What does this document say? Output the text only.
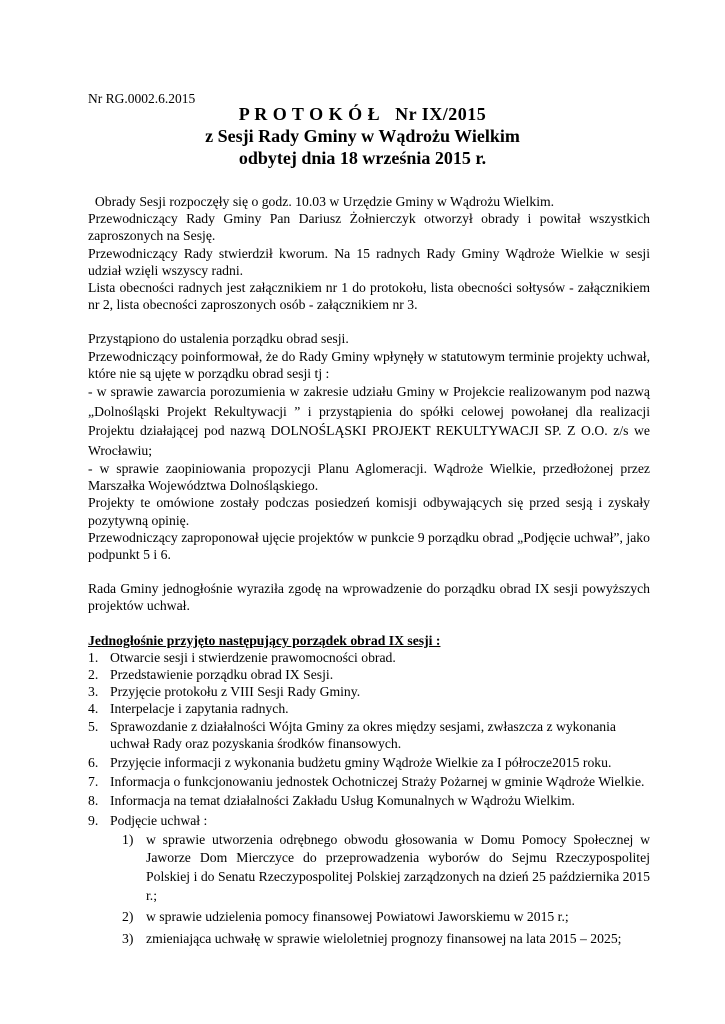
Nr RG.0002.6.2015
P R O T O K Ó Ł   Nr IX/2015
z Sesji Rady Gminy w Wądrożu Wielkim
odbytej dnia 18 września 2015 r.

Obrady Sesji rozpoczęły się o godz. 10.03 w Urzędzie Gminy w Wądrożu Wielkim.

Przewodniczący Rady Gminy Pan Dariusz Żołnierczyk otworzył obrady i powitał wszystkich zaproszonych na Sesję.

Przewodniczący Rady stwierdził kworum. Na 15 radnych Rady Gminy Wądroże Wielkie w sesji udział wzięli wszyscy radni.

Lista obecności radnych jest załącznikiem nr 1 do protokołu, lista obecności sołtysów - załącznikiem nr 2, lista obecności zaproszonych osób - załącznikiem nr 3.

Przystąpiono do ustalenia porządku obrad sesji.

Przewodniczący poinformował, że do Rady Gminy wpłynęły w statutowym terminie projekty uchwał, które nie są ujęte w porządku obrad sesji tj :

- w sprawie zawarcia porozumienia w zakresie udziału Gminy w Projekcie realizowanym pod nazwą „Dolnośląski Projekt Rekultywacji ” i przystąpienia do spółki celowej powołanej dla realizacji Projektu działającej pod nazwą DOLNOŚLĄSKI PROJEKT REKULTYWACJI SP. Z O.O. z/s we Wrocławiu;

- w sprawie zaopiniowania propozycji Planu Aglomeracji. Wądroże Wielkie, przedłożonej przez Marszałka Województwa Dolnośląskiego.

Projekty te omówione zostały podczas posiedzeń komisji odbywających się przed sesją i zyskały pozytywną opinię.

Przewodniczący zaproponował ujęcie projektów w punkcie 9 porządku obrad „Podjęcie uchwał”, jako podpunkt 5 i 6.

Rada Gminy jednogłośnie wyraziła zgodę na wprowadzenie do porządku obrad IX sesji powyższych projektów uchwał.

Jednogłośnie przyjęto następujący porządek obrad IX sesji :

1. Otwarcie sesji i stwierdzenie prawomocności obrad.
2. Przedstawienie porządku obrad IX Sesji.
3. Przyjęcie protokołu z VIII Sesji Rady Gminy.
4. Interpelacje i zapytania radnych.
5. Sprawozdanie z działalności Wójta Gminy za okres między sesjami, zwłaszcza z wykonania uchwał Rady oraz pozyskania środków finansowych.
6. Przyjęcie informacji z wykonania budżetu gminy Wądroże Wielkie za I półrocze2015 roku.
7. Informacja o funkcjonowaniu jednostek Ochotniczej Straży Pożarnej w gminie Wądroże Wielkie.
8. Informacja na temat działalności Zakładu Usług Komunalnych w Wądrożu Wielkim.
9. Podjęcie uchwał :
1) w sprawie utworzenia odrębnego obwodu głosowania w Domu Pomocy Społecznej w Jaworze Dom Mierczyce do przeprowadzenia wyborów do Sejmu Rzeczypospolitej Polskiej i do Senatu Rzeczypospolitej Polskiej zarządzonych na dzień 25 października 2015 r.;
2) w sprawie udzielenia pomocy finansowej Powiatowi Jaworskiemu w 2015 r.;
3) zmieniająca uchwałę w sprawie wieloletniej prognozy finansowej na lata 2015 – 2025;
